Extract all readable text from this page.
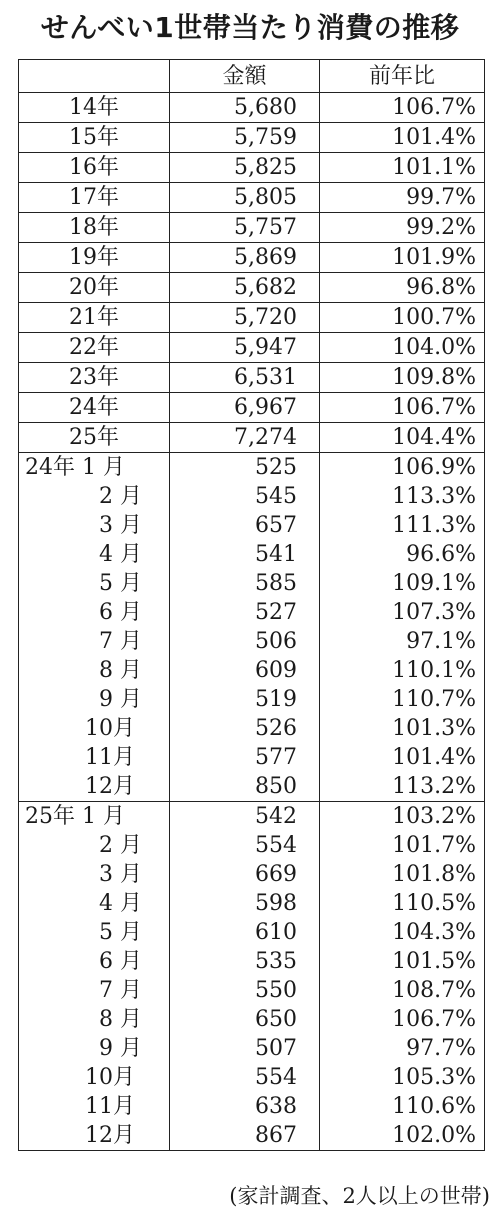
せんべい1世帯当たり消費の推移
	金額	前年比
14年	5,680	106.7%
15年	5,759	101.4%
16年	5,825	101.1%
17年	5,805	99.7%
18年	5,757	99.2%
19年	5,869	101.9%
20年	5,682	96.8%
21年	5,720	100.7%
22年	5,947	104.0%
23年	6,531	109.8%
24年	6,967	106.7%
25年	7,274	104.4%
24年 1 月	525	106.9%
2 月	545	113.3%
3 月	657	111.3%
4 月	541	96.6%
5 月	585	109.1%
6 月	527	107.3%
7 月	506	97.1%
8 月	609	110.1%
9 月	519	110.7%
10月	526	101.3%
11月	577	101.4%
12月	850	113.2%
25年 1 月	542	103.2%
2 月	554	101.7%
3 月	669	101.8%
4 月	598	110.5%
5 月	610	104.3%
6 月	535	101.5%
7 月	550	108.7%
8 月	650	106.7%
9 月	507	97.7%
10月	554	105.3%
11月	638	110.6%
12月	867	102.0%
(家計調査、2人以上の世帯)
